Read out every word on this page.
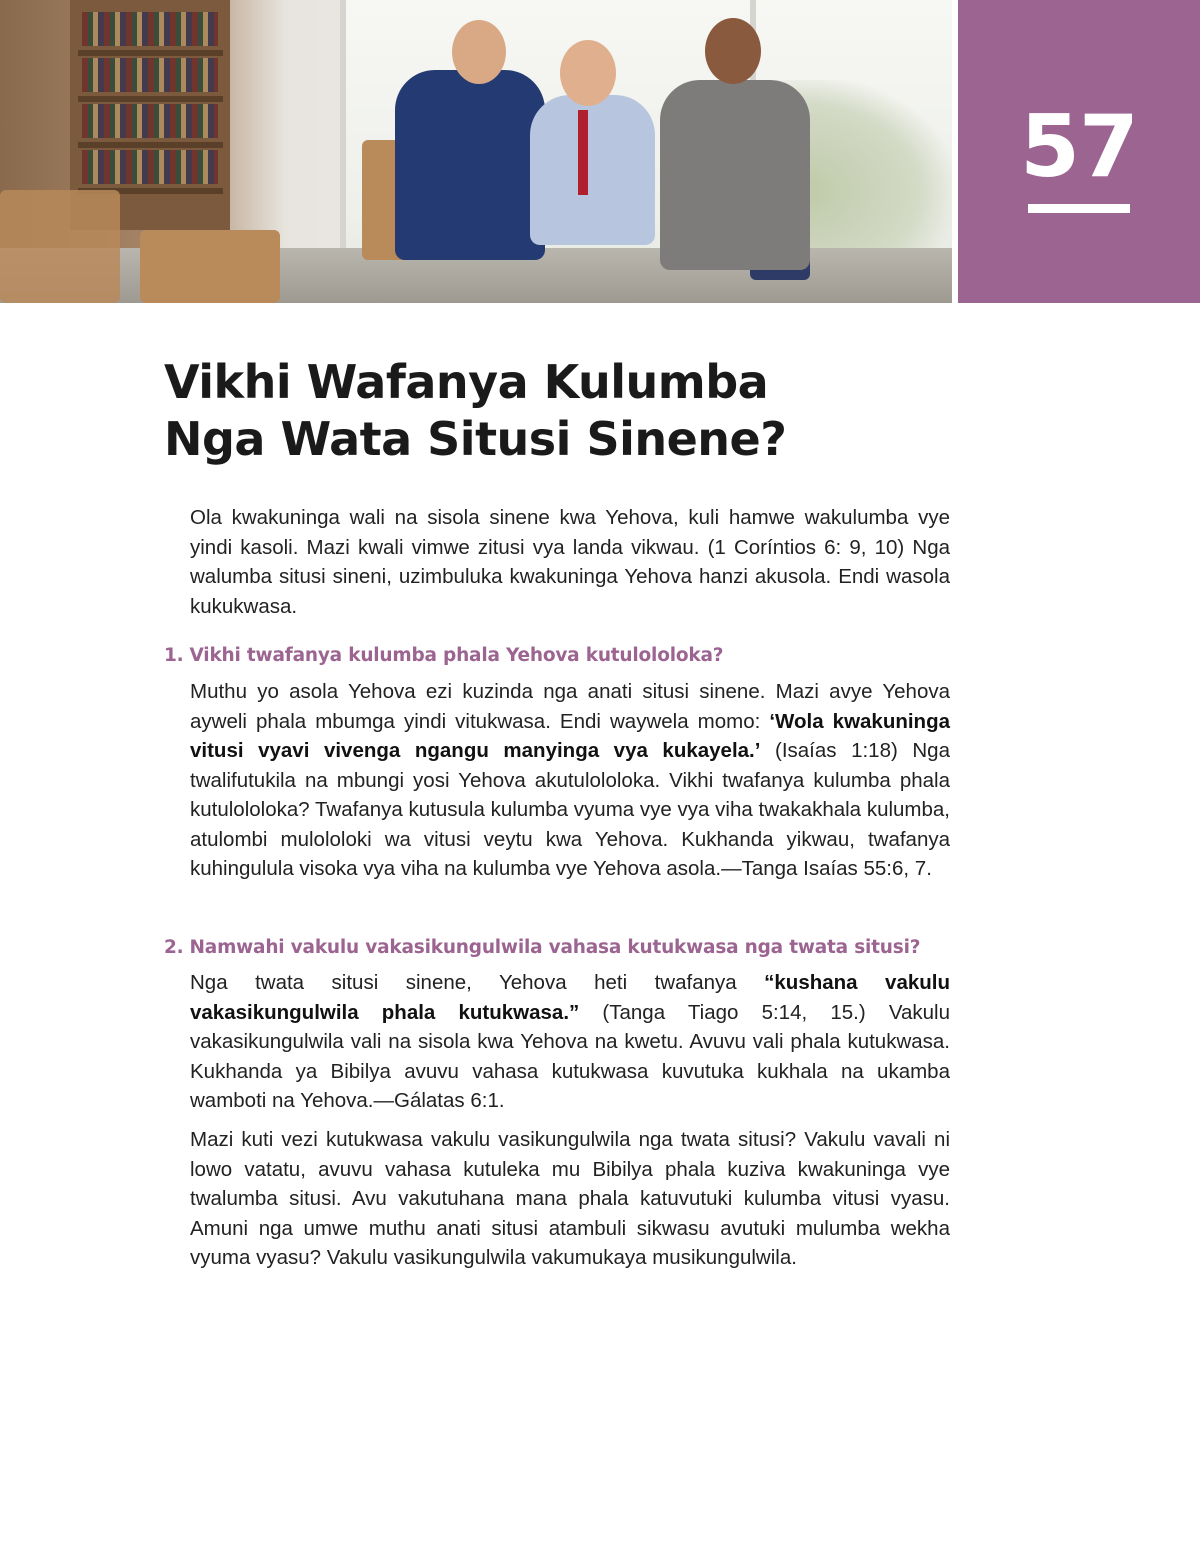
57
Vikhi Wafanya Kulumba
Nga Wata Situsi Sinene?

Ola kwakuninga wali na sisola sinene kwa Yehova, kuli hamwe wakulumba vye yindi kasoli. Mazi kwali vimwe zitusi vya landa vikwau. (1 Coríntios 6: 9, 10) Nga walumba situsi sineni, uzimbuluka kwakuninga Yehova hanzi akusola. Endi wasola kukukwasa.

1. Vikhi twafanya kulumba phala Yehova kutulololoka?

Muthu yo asola Yehova ezi kuzinda nga anati situsi sinene. Mazi avye Yehova ayweli phala mbumga yindi vitukwasa. Endi waywela momo: ‘Wola kwakuninga vitusi vyavi vivenga ngangu manyinga vya kukayela.’ (Isaías 1:18) Nga twalifutukila na mbungi yosi Yehova akutulololoka. Vikhi twafanya kulumba phala kutulololoka? Twafanya kutusula kulumba vyuma vye vya viha twakakhala kulumba, atulombi mulololoki wa vitusi veytu kwa Yehova. Kukhanda yikwau, twafanya kuhingulula visoka vya viha na kulumba vye Yehova asola.—Tanga Isaías 55:6, 7.

2. Namwahi vakulu vakasikungulwila vahasa kutukwasa nga twata situsi?

Nga twata situsi sinene, Yehova heti twafanya “kushana vakulu vakasikungulwila phala kutukwasa.” (Tanga Tiago 5:14, 15.) Vakulu vakasikungulwila vali na sisola kwa Yehova na kwetu. Avuvu vali phala kutukwasa. Kukhanda ya Bibilya avuvu vahasa kutukwasa kuvutuka kukhala na ukamba wamboti na Yehova.—Gálatas 6:1.

Mazi kuti vezi kutukwasa vakulu vasikungulwila nga twata situsi? Vakulu vavali ni lowo vatatu, avuvu vahasa kutuleka mu Bibilya phala kuziva kwakuninga vye twalumba situsi. Avu vakutuhana mana phala katuvutuki kulumba vitusi vyasu. Amuni nga umwe muthu anati situsi atambuli sikwasu avutuki mulumba wekha vyuma vyasu? Vakulu vasikungulwila vakumukaya musikungulwila.
